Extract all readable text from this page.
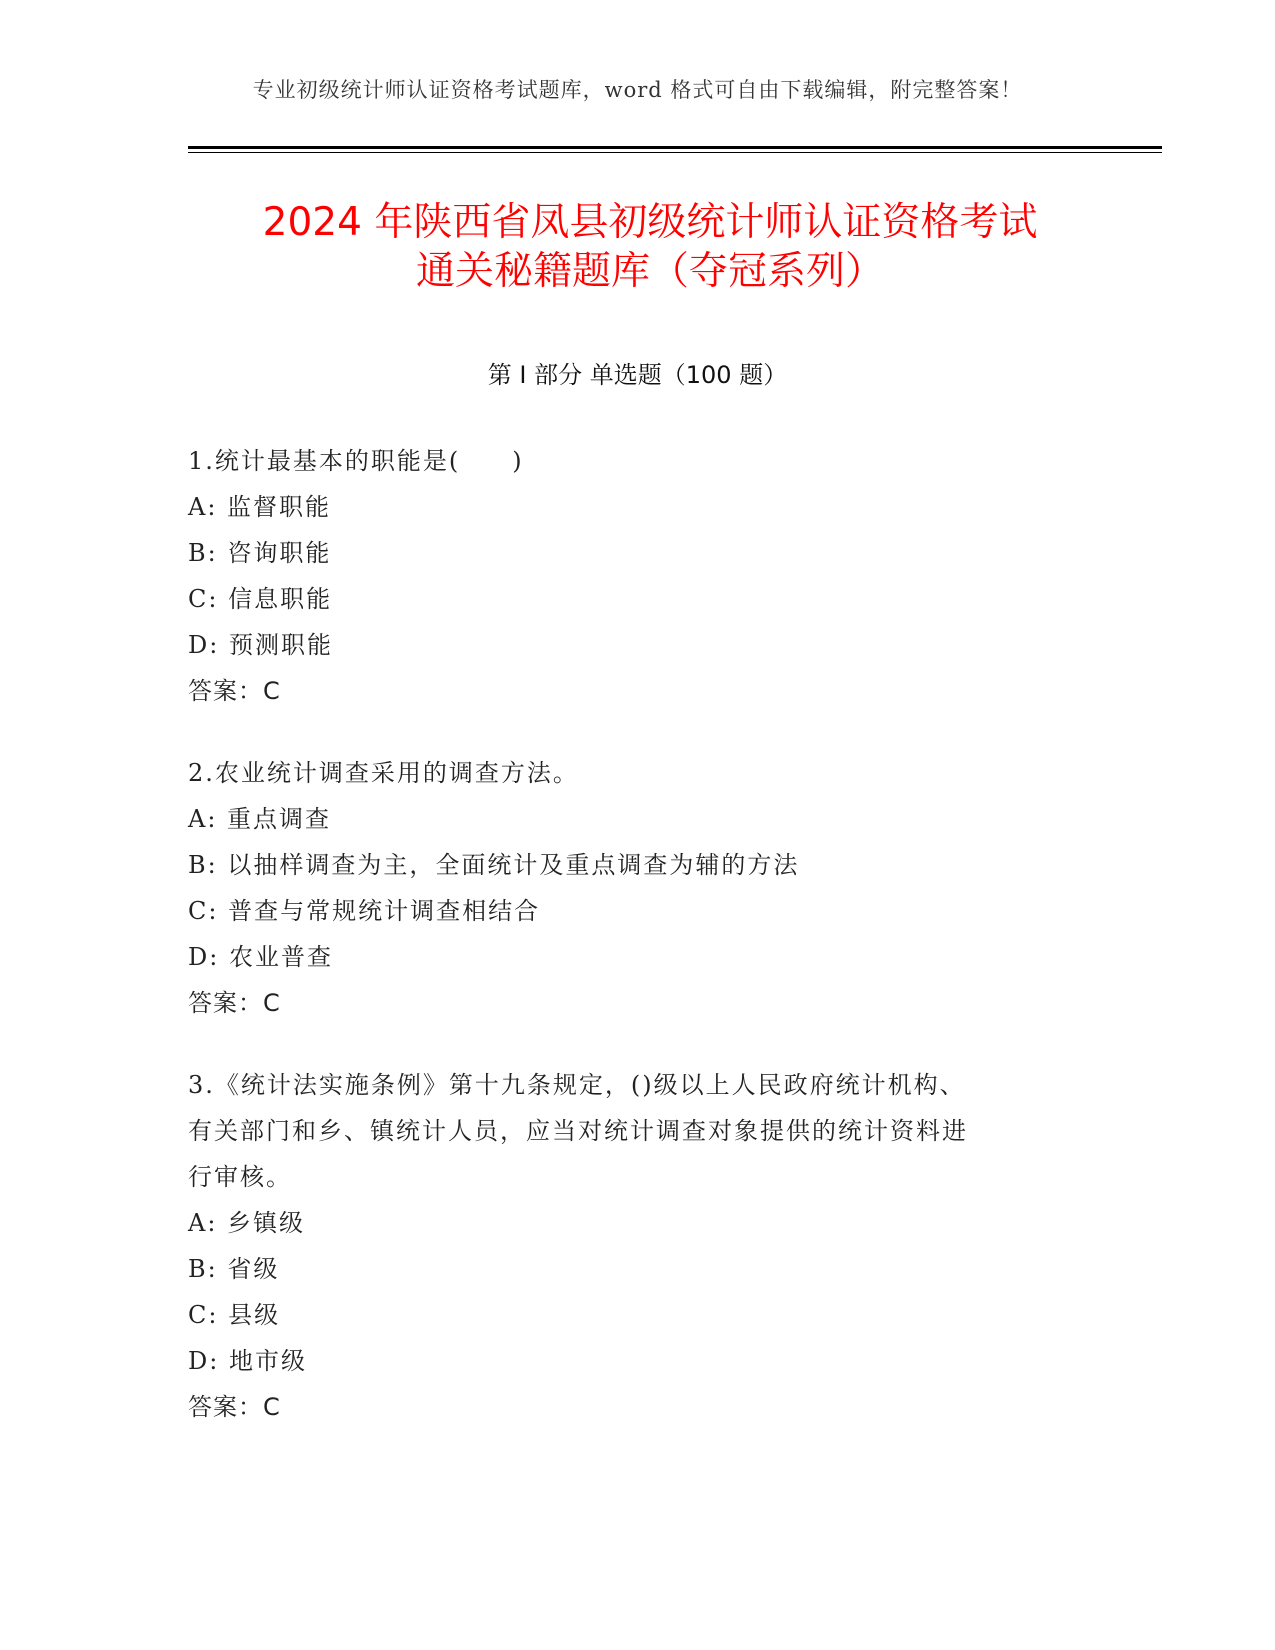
专业初级统计师认证资格考试题库，word 格式可自由下载编辑，附完整答案！
2024 年陕西省凤县初级统计师认证资格考试
通关秘籍题库（夺冠系列）
第 I 部分 单选题（100 题）
1.统计最基本的职能是(　　)
A: 监督职能
B: 咨询职能
C: 信息职能
D: 预测职能
答案：C
2.农业统计调查采用的调查方法。
A: 重点调查
B: 以抽样调查为主，全面统计及重点调查为辅的方法
C: 普查与常规统计调查相结合
D: 农业普查
答案：C
3.《统计法实施条例》第十九条规定，()级以上人民政府统计机构、
有关部门和乡、镇统计人员，应当对统计调查对象提供的统计资料进
行审核。
A: 乡镇级
B: 省级
C: 县级
D: 地市级
答案：C
